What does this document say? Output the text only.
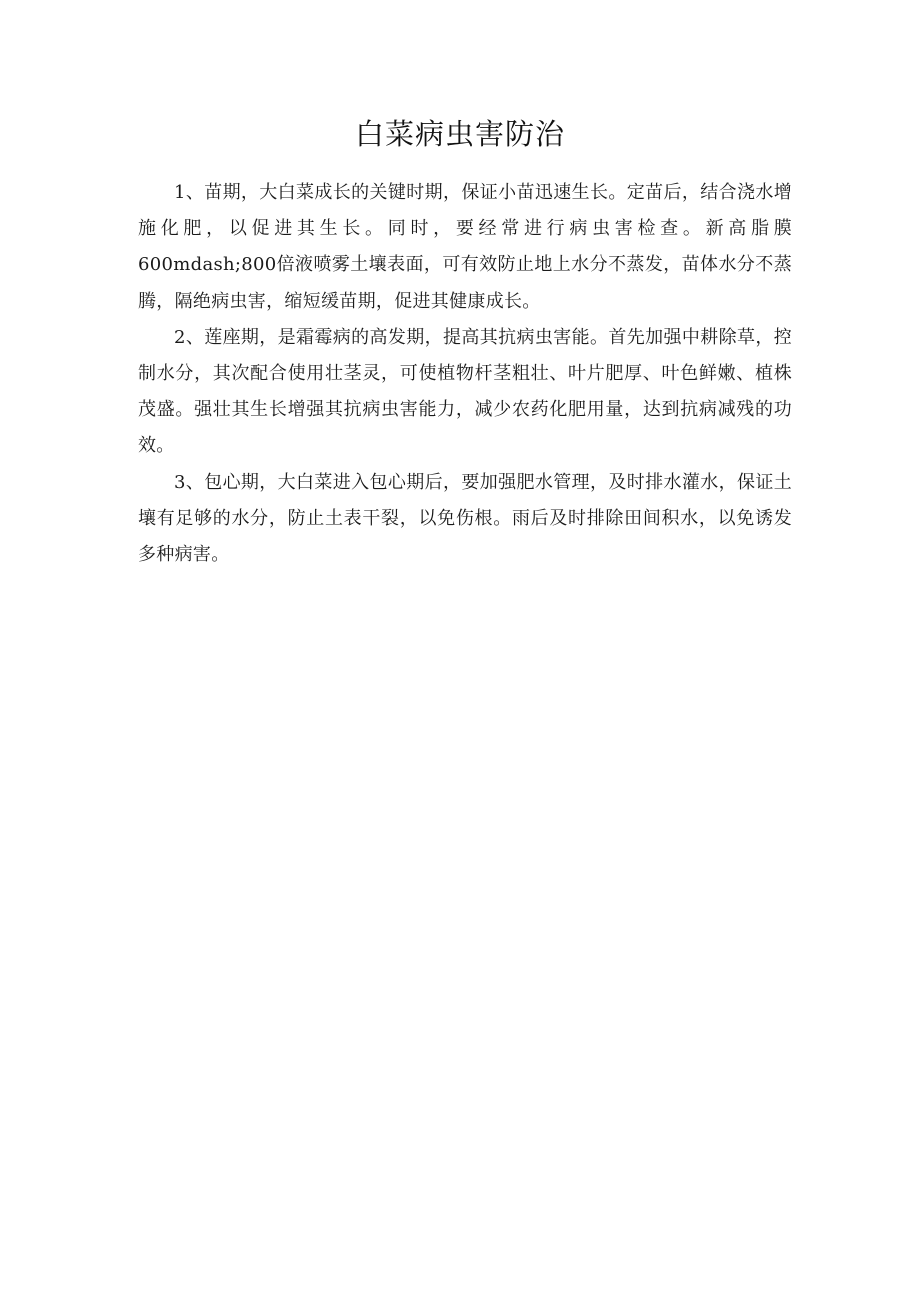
白菜病虫害防治

1、苗期，大白菜成长的关键时期，保证小苗迅速生长。定苗后，结合浇水增施化肥，以促进其生长。同时，要经常进行病虫害检查。新高脂膜600mdash;800倍液喷雾土壤表面，可有效防止地上水分不蒸发，苗体水分不蒸腾，隔绝病虫害，缩短缓苗期，促进其健康成长。

2、莲座期，是霜霉病的高发期，提高其抗病虫害能。首先加强中耕除草，控制水分，其次配合使用壮茎灵，可使植物杆茎粗壮、叶片肥厚、叶色鲜嫩、植株茂盛。强壮其生长增强其抗病虫害能力，减少农药化肥用量，达到抗病减残的功效。

3、包心期，大白菜进入包心期后，要加强肥水管理，及时排水灌水，保证土壤有足够的水分，防止土表干裂，以免伤根。雨后及时排除田间积水，以免诱发多种病害。
